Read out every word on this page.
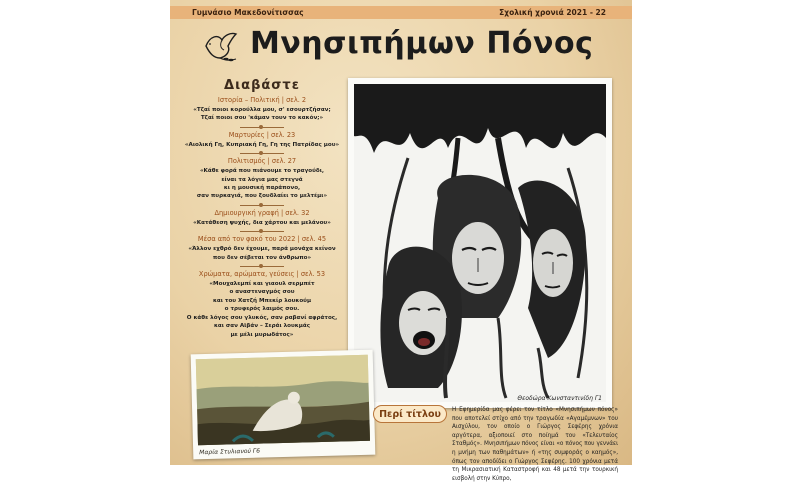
Γυμνάσιο Μακεδονίτισσας	Σχολική χρονιά 2021 - 22
Μνησιπήμων Πόνος
Διαβάστε
Ιστορία – Πολιτική | σελ. 2
«Τζαί ποιοι κορούλλα μου, σ' εσουρτζήσαν;
Τζαί ποιοι σου 'κάμαν τουν το κακόν;»
Μαρτυρίες | σελ. 23
«Αιολική Γη, Κυπριακή Γη, Γη της Πατρίδας μου»
Πολιτισμός | σελ. 27
«Κάθε φορά που πιάνουμε το τραγούδι,
είναι τα λόγια μας στεγνά
κι η μουσική παράπονο,
σαν πυρκαγιά, που ξουδλαίει το μελτέμι»
Δημιουργική γραφή | σελ. 32
«Κατάθεση ψυχής, δια χάρτου και μελάνου»
Μέσα από τον φακό του 2022 | σελ. 45
«Άλλον εχθρό δεν έχουμε, παρά μονάχα κείνον
που δεν σέβεται τον άνθρωπο»
Χρώματα, αρώματα, γεύσεις | σελ. 53
«Μουχαλεμπί και γιαουλ σερμπέτ
ο αναστεναγμός σου
και του Χατζή Μπεκίρ λουκούμ
ο τρυφερός λαιμός σου.
Ο κάθε λόγος σου γλυκός, σαν ραβανί αφράτος,
και σαν Αϊβάν – Σεράι λουκμάς
με μέλι μυρωδάτος»
Θεοδώρα Κωνσταντινίδη Γ1
Μαρία Στυλιανού Γ6
Περί τίτλου	Η Εφημερίδα μας φέρει τον τίτλο «Μνησιπήμων πόνος» που αποτελεί στίχο από την τραγωδία «Αγαμέμνων» του Αισχύλου, τον οποίο ο Γιώργος Σεφέρης χρόνια αργότερα, αξιοποιεί στο ποίημά του «Τελευταίος Σταθμός». Μνησιπήμων πόνος είναι «ο πόνος που γεννάει η μνήμη των παθημάτων» ή «της συμφοράς ο καημός», όπως τον αποδίδει ο Γιώργος Σεφέρης. 100 χρόνια μετά τη Μικρασιατική Καταστροφή και 48 μετά την τουρκική εισβολή στην Κύπρο,
